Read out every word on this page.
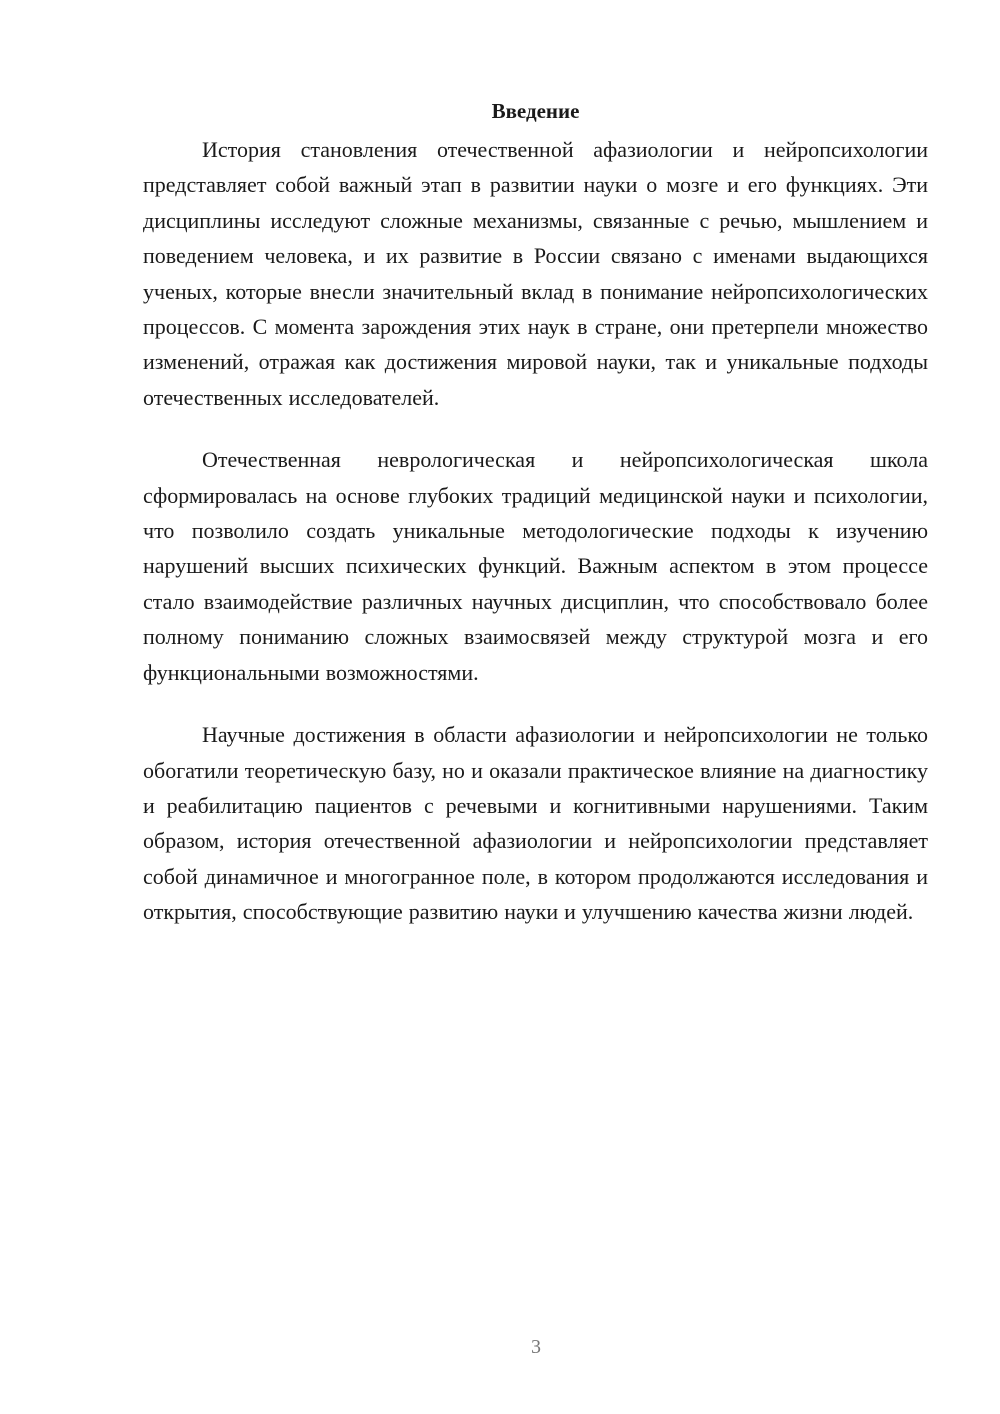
Введение

История становления отечественной афазиологии и нейропсихологии представляет собой важный этап в развитии науки о мозге и его функциях. Эти дисциплины исследуют сложные механизмы, связанные с речью, мышлением и поведением человека, и их развитие в России связано с именами выдающихся ученых, которые внесли значительный вклад в понимание нейропсихологических процессов. С момента зарождения этих наук в стране, они претерпели множество изменений, отражая как достижения мировой науки, так и уникальные подходы отечественных исследователей.

Отечественная неврологическая и нейропсихологическая школа сформировалась на основе глубоких традиций медицинской науки и психологии, что позволило создать уникальные методологические подходы к изучению нарушений высших психических функций. Важным аспектом в этом процессе стало взаимодействие различных научных дисциплин, что способствовало более полному пониманию сложных взаимосвязей между структурой мозга и его функциональными возможностями.

Научные достижения в области афазиологии и нейропсихологии не только обогатили теоретическую базу, но и оказали практическое влияние на диагностику и реабилитацию пациентов с речевыми и когнитивными нарушениями. Таким образом, история отечественной афазиологии и нейропсихологии представляет собой динамичное и многогранное поле, в котором продолжаются исследования и открытия, способствующие развитию науки и улучшению качества жизни людей.

3
